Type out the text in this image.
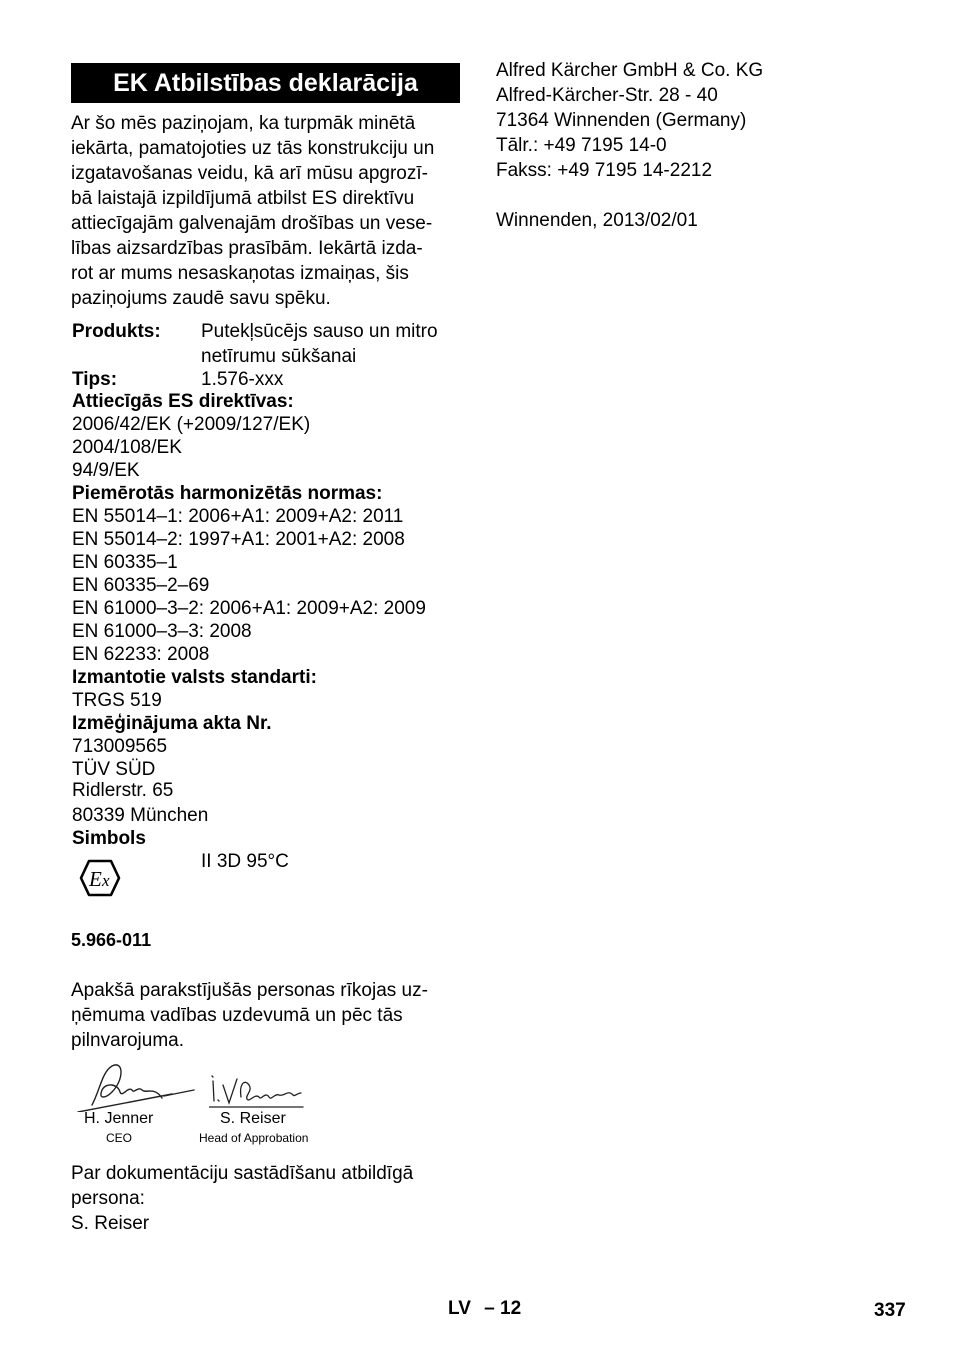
EK Atbilstības deklarācija
Ar šo mēs paziņojam, ka turpmāk minētā
iekārta, pamatojoties uz tās konstrukciju un
izgatavošanas veidu, kā arī mūsu apgrozī-
bā laistajā izpildījumā atbilst ES direktīvu
attiecīgajām galvenajām drošības un vese-
lības aizsardzības prasībām. Iekārtā izda-
rot ar mums nesaskaņotas izmaiņas, šis
paziņojums zaudē savu spēku.
Produkts: Putekļsūcējs sauso un mitro
netīrumu sūkšanai
Tips:	1.576-xxx
Attiecīgās ES direktīvas:
2006/42/EK (+2009/127/EK)
2004/108/EK
94/9/EK
Piemērotās harmonizētās normas:
EN 55014–1: 2006+A1: 2009+A2: 2011
EN 55014–2: 1997+A1: 2001+A2: 2008
EN 60335–1
EN 60335–2–69
EN 61000–3–2: 2006+A1: 2009+A2: 2009
EN 61000–3–3: 2008
EN 62233: 2008
Izmantotie valsts standarti:
TRGS 519
Izmēģinājuma akta Nr.
713009565
TÜV SÜD
Ridlerstr. 65
80339 München
Simbols
E x
II 3D 95°C
5.966-011
Apakšā parakstījušās personas rīkojas uz-
ņēmuma vadības uzdevumā un pēc tās
pilnvarojuma.
H. Jenner
CEO
S. Reiser
Head of Approbation
Par dokumentāciju sastādīšanu atbildīgā
persona:
S. Reiser
Alfred Kärcher GmbH & Co. KG
Alfred-Kärcher-Str. 28 - 40
71364 Winnenden (Germany)
Tālr.: +49 7195 14-0
Fakss: +49 7195 14-2212
Winnenden, 2013/02/01
LV – 12	337
